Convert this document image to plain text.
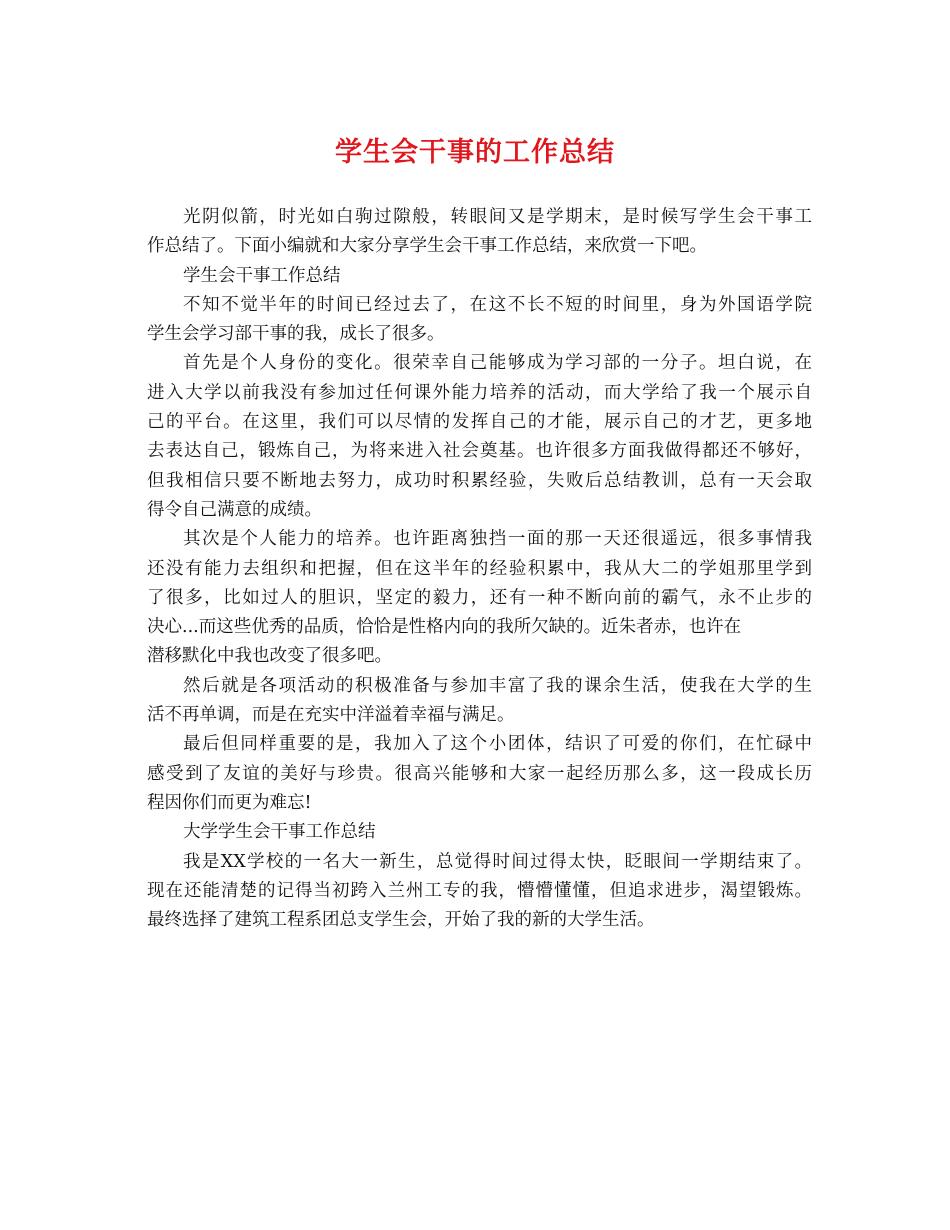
学生会干事的工作总结
光阴似箭，时光如白驹过隙般，转眼间又是学期末，是时候写学生会干事工
作总结了。下面小编就和大家分享学生会干事工作总结，来欣赏一下吧。
学生会干事工作总结
不知不觉半年的时间已经过去了，在这不长不短的时间里，身为外国语学院
学生会学习部干事的我，成长了很多。
首先是个人身份的变化。很荣幸自己能够成为学习部的一分子。坦白说，在
进入大学以前我没有参加过任何课外能力培养的活动，而大学给了我一个展示自
己的平台。在这里，我们可以尽情的发挥自己的才能，展示自己的才艺，更多地
去表达自己，锻炼自己，为将来进入社会奠基。也许很多方面我做得都还不够好，
但我相信只要不断地去努力，成功时积累经验，失败后总结教训，总有一天会取
得令自己满意的成绩。
其次是个人能力的培养。也许距离独挡一面的那一天还很遥远，很多事情我
还没有能力去组织和把握，但在这半年的经验积累中，我从大二的学姐那里学到
了很多，比如过人的胆识，坚定的毅力，还有一种不断向前的霸气，永不止步的
决心...而这些优秀的品质，恰恰是性格内向的我所欠缺的。近朱者赤，也许在
潜移默化中我也改变了很多吧。
然后就是各项活动的积极准备与参加丰富了我的课余生活，使我在大学的生
活不再单调，而是在充实中洋溢着幸福与满足。
最后但同样重要的是，我加入了这个小团体，结识了可爱的你们，在忙碌中
感受到了友谊的美好与珍贵。很高兴能够和大家一起经历那么多，这一段成长历
程因你们而更为难忘!
大学学生会干事工作总结
我是XX学校的一名大一新生，总觉得时间过得太快，眨眼间一学期结束了。
现在还能清楚的记得当初跨入兰州工专的我，懵懵懂懂，但追求进步，渴望锻炼。
最终选择了建筑工程系团总支学生会，开始了我的新的大学生活。
